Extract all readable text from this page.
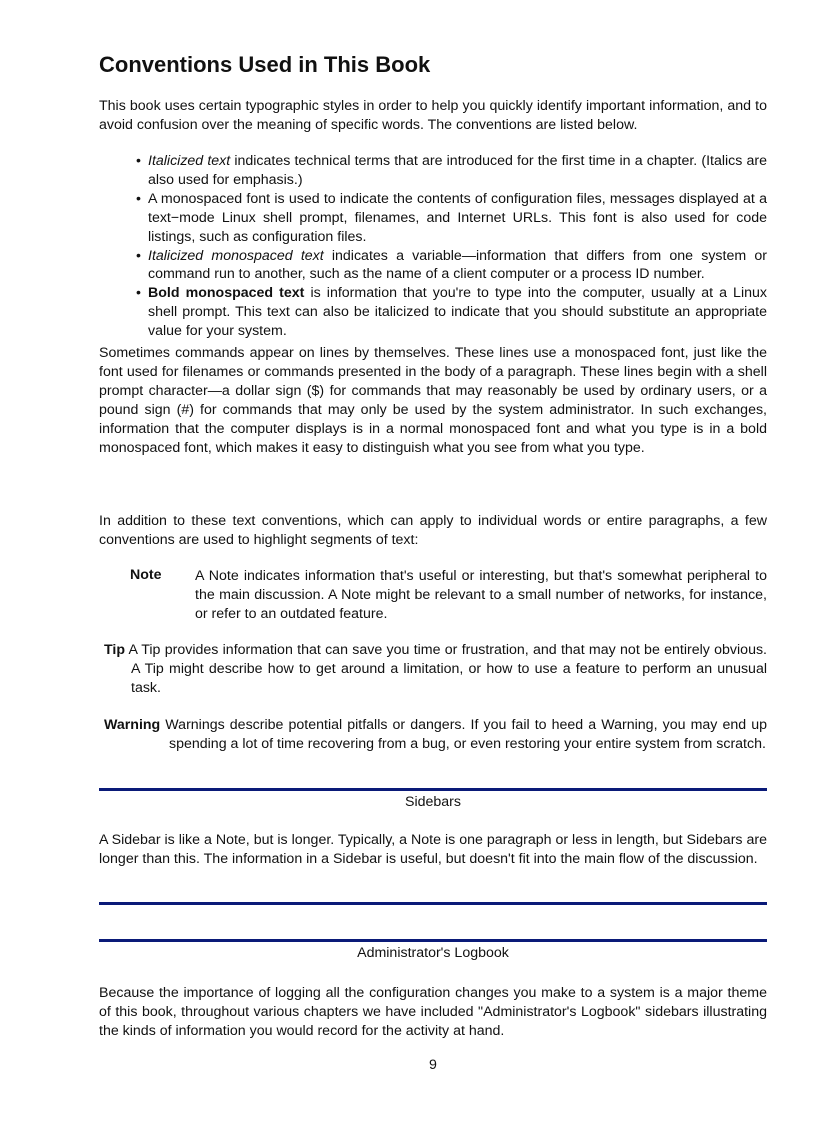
Conventions Used in This Book

This book uses certain typographic styles in order to help you quickly identify important information, and to avoid confusion over the meaning of specific words. The conventions are listed below.

• Italicized text indicates technical terms that are introduced for the first time in a chapter. (Italics are also used for emphasis.)
• A monospaced font is used to indicate the contents of configuration files, messages displayed at a text−mode Linux shell prompt, filenames, and Internet URLs. This font is also used for code listings, such as configuration files.
• Italicized monospaced text indicates a variable—information that differs from one system or command run to another, such as the name of a client computer or a process ID number.
• Bold monospaced text is information that you're to type into the computer, usually at a Linux shell prompt. This text can also be italicized to indicate that you should substitute an appropriate value for your system.

Sometimes commands appear on lines by themselves. These lines use a monospaced font, just like the font used for filenames or commands presented in the body of a paragraph. These lines begin with a shell prompt character—a dollar sign ($) for commands that may reasonably be used by ordinary users, or a pound sign (#) for commands that may only be used by the system administrator. In such exchanges, information that the computer displays is in a normal monospaced font and what you type is in a bold monospaced font, which makes it easy to distinguish what you see from what you type.

In addition to these text conventions, which can apply to individual words or entire paragraphs, a few conventions are used to highlight segments of text:

Note A Note indicates information that's useful or interesting, but that's somewhat peripheral to the main discussion. A Note might be relevant to a small number of networks, for instance, or refer to an outdated feature.
Tip A Tip provides information that can save you time or frustration, and that may not be entirely obvious. A Tip might describe how to get around a limitation, or how to use a feature to perform an unusual task.
Warning Warnings describe potential pitfalls or dangers. If you fail to heed a Warning, you may end up spending a lot of time recovering from a bug, or even restoring your entire system from scratch.
Sidebars

A Sidebar is like a Note, but is longer. Typically, a Note is one paragraph or less in length, but Sidebars are longer than this. The information in a Sidebar is useful, but doesn't fit into the main flow of the discussion.

Administrator's Logbook

Because the importance of logging all the configuration changes you make to a system is a major theme of this book, throughout various chapters we have included "Administrator's Logbook" sidebars illustrating the kinds of information you would record for the activity at hand.

9
